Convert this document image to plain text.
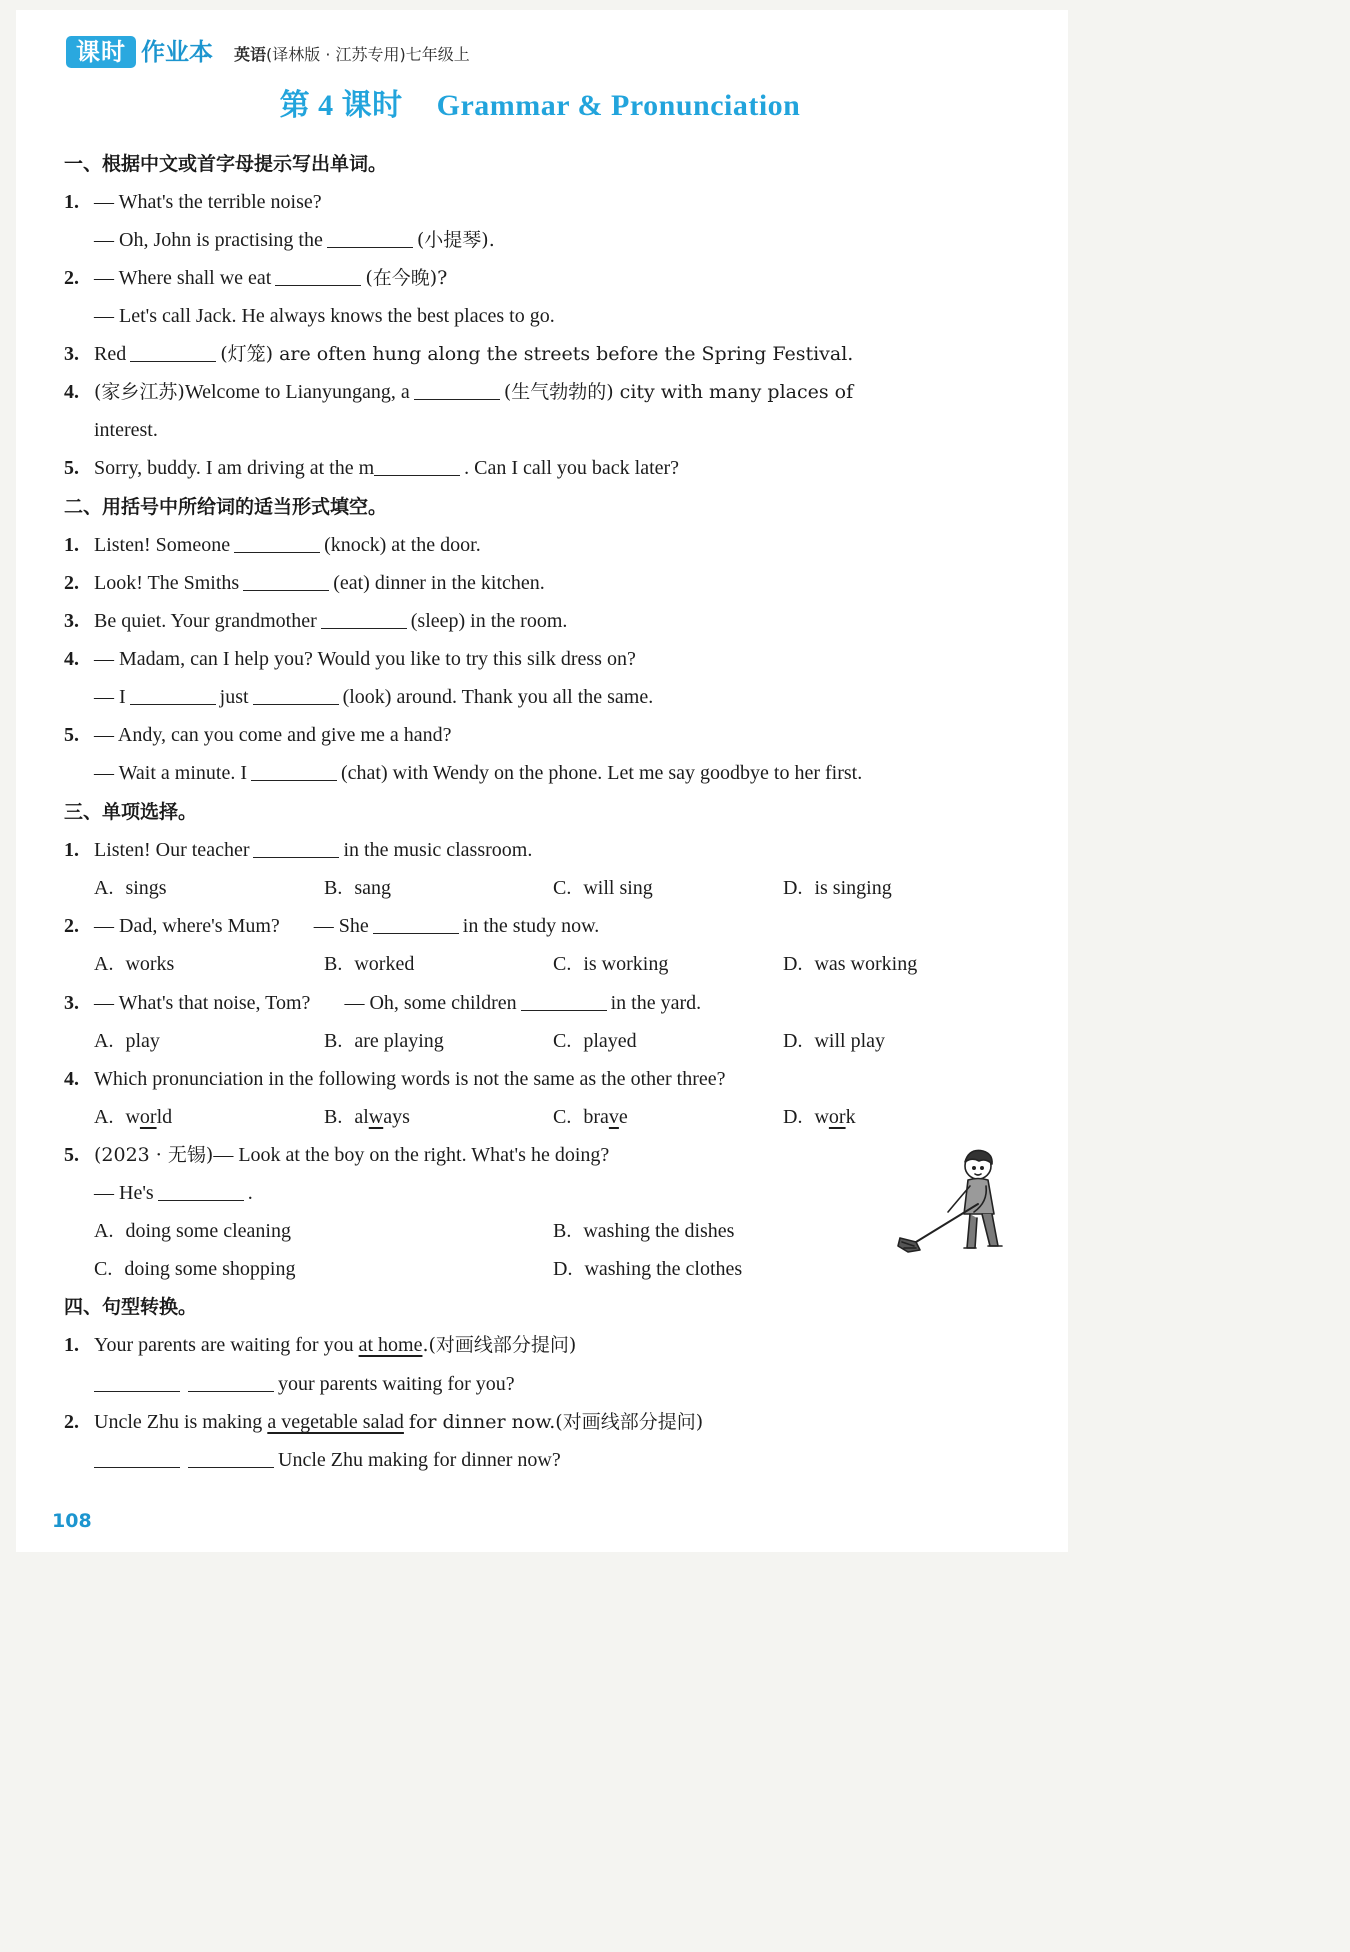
课时 作业本 英语(译林版 · 江苏专用)七年级上
第 4 课时 Grammar & Pronunciation
一、根据中文或首字母提示写出单词。
1. — What's the terrible noise?
— Oh, John is practising the	(小提琴).
2. — Where shall we eat	(在今晚)?
— Let's call Jack. He always knows the best places to go.
3. Red	(灯笼) are often hung along the streets before the Spring Festival.
4. (家乡江苏)Welcome to Lianyungang, a	(生气勃勃的) city with many places of
interest.
5. Sorry, buddy. I am driving at the m	. Can I call you back later?
二、用括号中所给词的适当形式填空。
1. Listen! Someone	(knock) at the door.
2. Look! The Smiths	(eat) dinner in the kitchen.
3. Be quiet. Your grandmother	(sleep) in the room.
4. — Madam, can I help you? Would you like to try this silk dress on?
— I	just	(look) around. Thank you all the same.
5. — Andy, can you come and give me a hand?
— Wait a minute. I	(chat) with Wendy on the phone. Let me say goodbye to her first.
三、单项选择。
1. Listen! Our teacher	in the music classroom.
A. sings	B. sang	C. will sing	D. is singing
2. — Dad, where's Mum? — She	in the study now.
A. works	B. worked	C. is working	D. was working
3. — What's that noise, Tom? — Oh, some children	in the yard.
A. play	B. are playing	C. played	D. will play
4. Which pronunciation in the following words is not the same as the other three?
A. world	B. always	C. brave	D. work
5. (2023 · 无锡)— Look at the boy on the right. What's he doing?
— He's	.
A. doing some cleaning	B. washing the dishes
C. doing some shopping	D. washing the clothes
四、句型转换。
1. Your parents are waiting for you at home.(对画线部分提问)
your parents waiting for you?
2. Uncle Zhu is making a vegetable salad for dinner now.(对画线部分提问)
Uncle Zhu making for dinner now?
108
